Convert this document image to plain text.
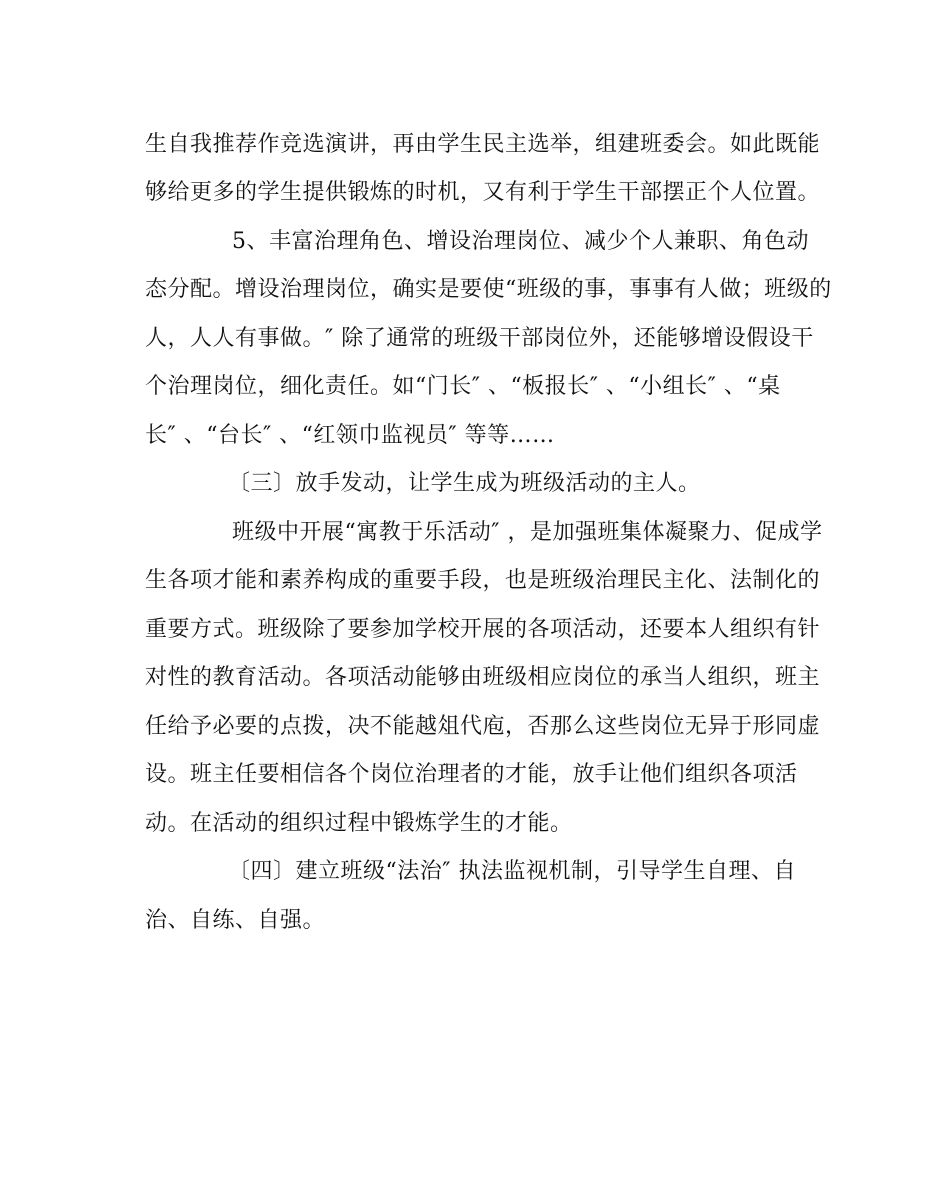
生自我推荐作竞选演讲，再由学生民主选举，组建班委会。如此既能
够给更多的学生提供锻炼的时机，又有利于学生干部摆正个人位置。
5、丰富治理角色、增设治理岗位、减少个人兼职、角色动
态分配。增设治理岗位，确实是要使“班级的事，事事有人做；班级的
人，人人有事做。″ 除了通常的班级干部岗位外，还能够增设假设干
个治理岗位，细化责任。如“门长″ 、“板报长″ 、“小组长″ 、“桌
长″ 、“台长″ 、“红领巾监视员″ 等等……
〔三〕放手发动，让学生成为班级活动的主人。
班级中开展“寓教于乐活动″ ，是加强班集体凝聚力、促成学
生各项才能和素养构成的重要手段，也是班级治理民主化、法制化的
重要方式。班级除了要参加学校开展的各项活动，还要本人组织有针
对性的教育活动。各项活动能够由班级相应岗位的承当人组织，班主
任给予必要的点拨，决不能越俎代庖，否那么这些岗位无异于形同虚
设。班主任要相信各个岗位治理者的才能，放手让他们组织各项活
动。在活动的组织过程中锻炼学生的才能。
〔四〕建立班级“法治″ 执法监视机制，引导学生自理、自
治、自练、自强。
